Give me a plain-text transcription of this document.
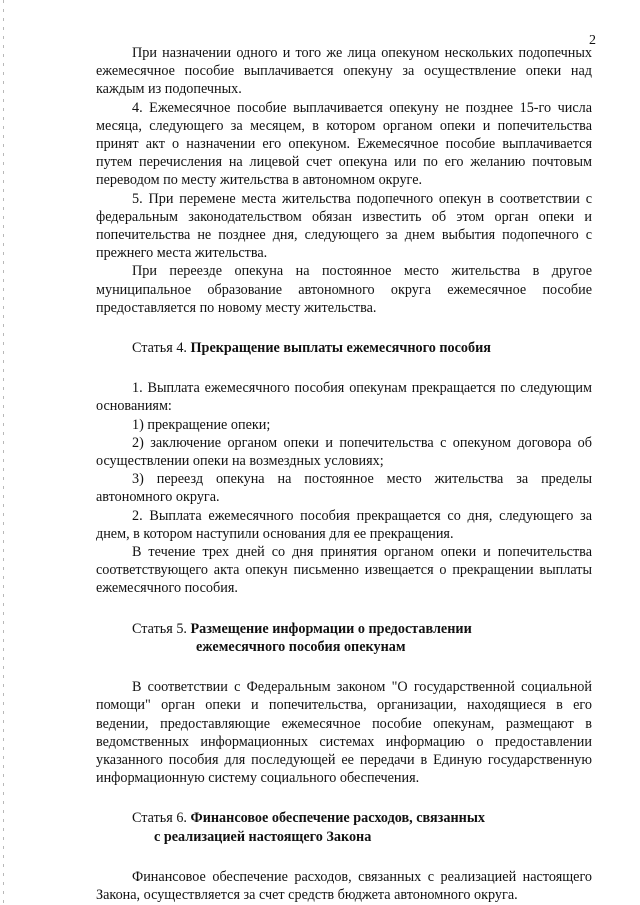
2

При назначении одного и того же лица опекуном нескольких подопечных ежемесячное пособие выплачивается опекуну за осуществление опеки над каждым из подопечных.

4. Ежемесячное пособие выплачивается опекуну не позднее 15-го числа месяца, следующего за месяцем, в котором органом опеки и попечительства принят акт о назначении его опекуном. Ежемесячное пособие выплачивается путем перечисления на лицевой счет опекуна или по его желанию почтовым переводом по месту жительства в автономном округе.

5. При перемене места жительства подопечного опекун в соответствии с федеральным законодательством обязан известить об этом орган опеки и попечительства не позднее дня, следующего за днем выбытия подопечного с прежнего места жительства.

При переезде опекуна на постоянное место жительства в другое муниципальное образование автономного округа ежемесячное пособие предоставляется по новому месту жительства.

Статья 4. Прекращение выплаты ежемесячного пособия

1. Выплата ежемесячного пособия опекунам прекращается по следующим основаниям:

1) прекращение опеки;

2) заключение органом опеки и попечительства с опекуном договора об осуществлении опеки на возмездных условиях;

3) переезд опекуна на постоянное место жительства за пределы автономного округа.

2. Выплата ежемесячного пособия прекращается со дня, следующего за днем, в котором наступили основания для ее прекращения.

В течение трех дней со дня принятия органом опеки и попечительства соответствующего акта опекун письменно извещается о прекращении выплаты ежемесячного пособия.

Статья 5. Размещение информации о предоставлении
ежемесячного пособия опекунам

В соответствии с Федеральным законом "О государственной социальной помощи" орган опеки и попечительства, организации, находящиеся в его ведении, предоставляющие ежемесячное пособие опекунам, размещают в ведомственных информационных системах информацию о предоставлении указанного пособия для последующей ее передачи в Единую государственную информационную систему социального обеспечения.

Статья 6. Финансовое обеспечение расходов, связанных
с реализацией настоящего Закона

Финансовое обеспечение расходов, связанных с реализацией настоящего Закона, осуществляется за счет средств бюджета автономного округа.
